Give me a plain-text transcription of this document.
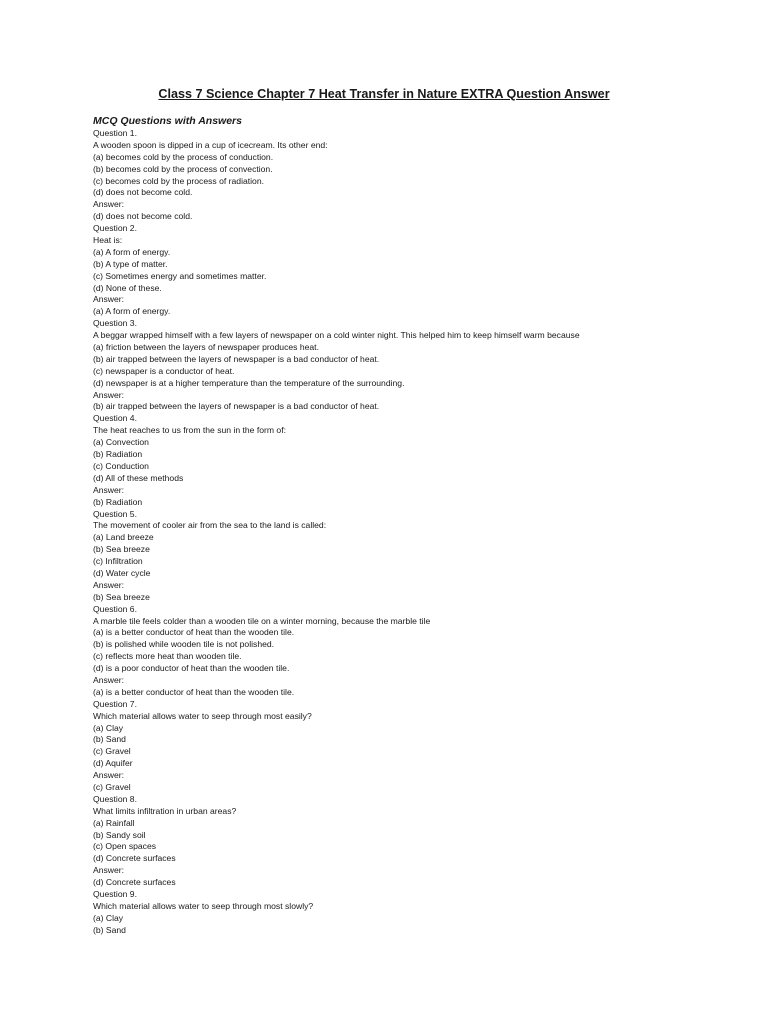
Class 7 Science Chapter 7 Heat Transfer in Nature EXTRA Question Answer
MCQ Questions with Answers
Question 1.
A wooden spoon is dipped in a cup of icecream. Its other end:
(a) becomes cold by the process of conduction.
(b) becomes cold by the process of convection.
(c) becomes cold by the process of radiation.
(d) does not become cold.
Answer:
(d) does not become cold.
Question 2.
Heat is:
(a) A form of energy.
(b) A type of matter.
(c) Sometimes energy and sometimes matter.
(d) None of these.
Answer:
(a) A form of energy.
Question 3.
A beggar wrapped himself with a few layers of newspaper on a cold winter night. This helped him to keep himself warm because
(a) friction between the layers of newspaper produces heat.
(b) air trapped between the layers of newspaper is a bad conductor of heat.
(c) newspaper is a conductor of heat.
(d) newspaper is at a higher temperature than the temperature of the surrounding.
Answer:
(b) air trapped between the layers of newspaper is a bad conductor of heat.
Question 4.
The heat reaches to us from the sun in the form of:
(a) Convection
(b) Radiation
(c) Conduction
(d) All of these methods
Answer:
(b) Radiation
Question 5.
The movement of cooler air from the sea to the land is called:
(a) Land breeze
(b) Sea breeze
(c) Infiltration
(d) Water cycle
Answer:
(b) Sea breeze
Question 6.
A marble tile feels colder than a wooden tile on a winter morning, because the marble tile
(a) is a better conductor of heat than the wooden tile.
(b) is polished while wooden tile is not polished.
(c) reflects more heat than wooden tile.
(d) is a poor conductor of heat than the wooden tile.
Answer:
(a) is a better conductor of heat than the wooden tile.
Question 7.
Which material allows water to seep through most easily?
(a) Clay
(b) Sand
(c) Gravel
(d) Aquifer
Answer:
(c) Gravel
Question 8.
What limits infiltration in urban areas?
(a) Rainfall
(b) Sandy soil
(c) Open spaces
(d) Concrete surfaces
Answer:
(d) Concrete surfaces
Question 9.
Which material allows water to seep through most slowly?
(a) Clay
(b) Sand
